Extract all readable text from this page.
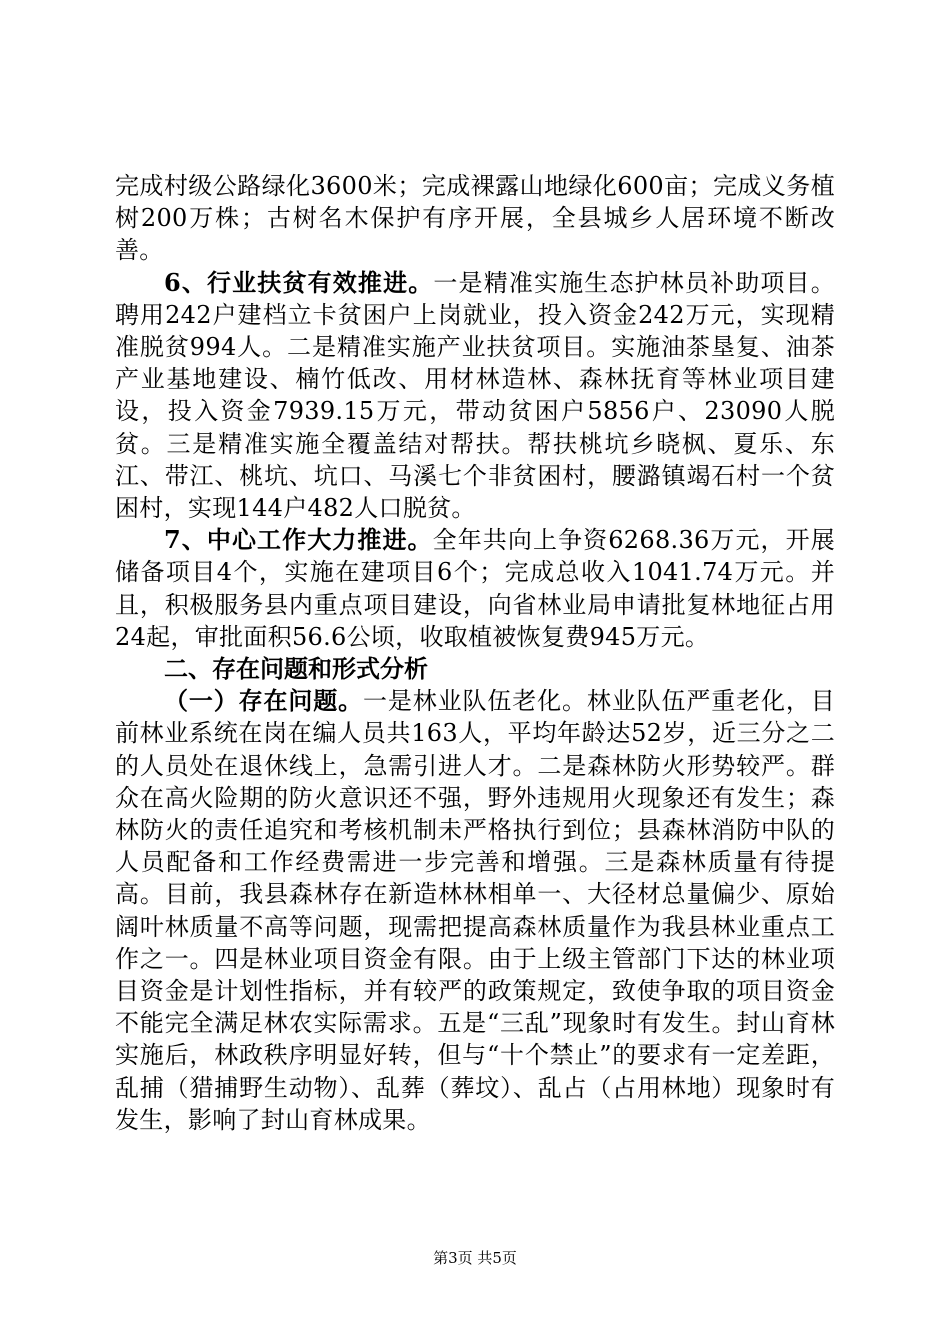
完成村级公路绿化3600米；完成裸露山地绿化600亩；完成义务植树200万株；古树名木保护有序开展，全县城乡人居环境不断改善。

6、行业扶贫有效推进。一是精准实施生态护林员补助项目。聘用242户建档立卡贫困户上岗就业，投入资金242万元，实现精准脱贫994人。二是精准实施产业扶贫项目。实施油茶垦复、油茶产业基地建设、楠竹低改、用材林造林、森林抚育等林业项目建设，投入资金7939.15万元，带动贫困户5856户、23090人脱贫。三是精准实施全覆盖结对帮扶。帮扶桃坑乡晓枫、夏乐、东江、带江、桃坑、坑口、马溪七个非贫困村，腰潞镇竭石村一个贫困村，实现144户482人口脱贫。

7、中心工作大力推进。全年共向上争资6268.36万元，开展储备项目4个，实施在建项目6个；完成总收入1041.74万元。并且，积极服务县内重点项目建设，向省林业局申请批复林地征占用24起，审批面积56.6公顷，收取植被恢复费945万元。

二、存在问题和形式分析

（一）存在问题。一是林业队伍老化。林业队伍严重老化，目前林业系统在岗在编人员共163人，平均年龄达52岁，近三分之二的人员处在退休线上，急需引进人才。二是森林防火形势较严。群众在高火险期的防火意识还不强，野外违规用火现象还有发生；森林防火的责任追究和考核机制未严格执行到位；县森林消防中队的人员配备和工作经费需进一步完善和增强。三是森林质量有待提高。目前，我县森林存在新造林林相单一、大径材总量偏少、原始阔叶林质量不高等问题，现需把提高森林质量作为我县林业重点工作之一。四是林业项目资金有限。由于上级主管部门下达的林业项目资金是计划性指标，并有较严的政策规定，致使争取的项目资金不能完全满足林农实际需求。五是“三乱”现象时有发生。封山育林实施后，林政秩序明显好转，但与“十个禁止”的要求有一定差距，乱捕（猎捕野生动物）、乱葬（葬坟）、乱占（占用林地）现象时有发生，影响了封山育林成果。

第3页 共5页
